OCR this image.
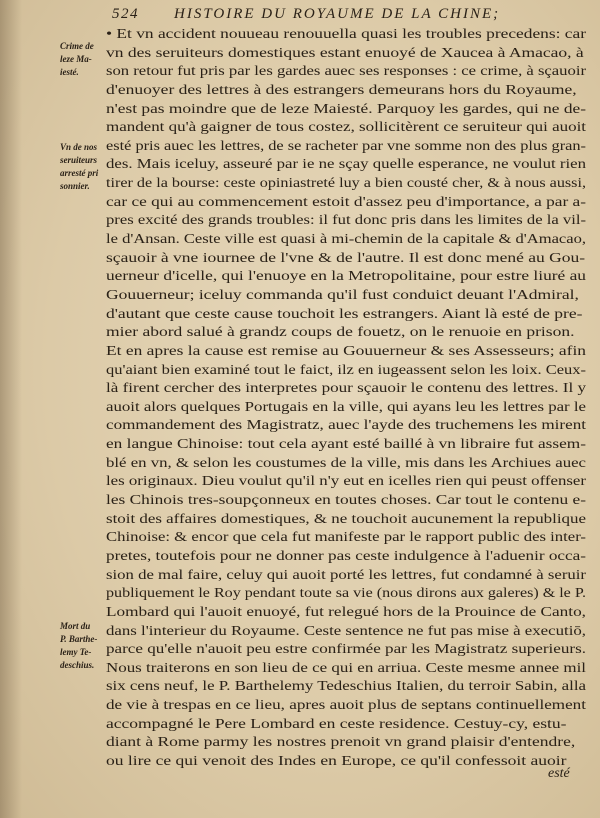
524 HISTOIRE DU ROYAUME DE LA CHINE;
Crime de
leze Ma-
iesté.
Vn de nos
seruiteurs
arresté pri
sonnier.
Mort du
P. Barthe-
lemy Te-
deschius.
• Et vn accident nouueau renouuella quasi les troubles precedens: car
vn des seruiteurs domestiques estant enuoyé de Xaucea à Amacao, à
son retour fut pris par les gardes auec ses responses : ce crime, à sçauoir
d'enuoyer des lettres à des estrangers demeurans hors du Royaume,
n'est pas moindre que de leze Maiesté. Parquoy les gardes, qui ne de-
mandent qu'à gaigner de tous costez, sollicitèrent ce seruiteur qui auoit
esté pris auec les lettres, de se racheter par vne somme non des plus gran-
des. Mais iceluy, asseuré par ie ne sçay quelle esperance, ne voulut rien
tirer de la bourse: ceste opiniastreté luy a bien cousté cher, & à nous aussi,
car ce qui au commencement estoit d'assez peu d'importance, a par a-
pres excité des grands troubles: il fut donc pris dans les limites de la vil-
le d'Ansan. Ceste ville est quasi à mi-chemin de la capitale & d'Amacao,
sçauoir à vne iournee de l'vne & de l'autre. Il est donc mené au Gou-
uerneur d'icelle, qui l'enuoye en la Metropolitaine, pour estre liuré au
Gouuerneur; iceluy commanda qu'il fust conduict deuant l'Admiral,
d'autant que ceste cause touchoit les estrangers. Aiant là esté de pre-
mier abord salué à grandz coups de fouetz, on le renuoie en prison.
Et en apres la cause est remise au Gouuerneur & ses Assesseurs; afin
qu'aiant bien examiné tout le faict, ilz en iugeassent selon les loix. Ceux-
là firent cercher des interpretes pour sçauoir le contenu des lettres. Il y
auoit alors quelques Portugais en la ville, qui ayans leu les lettres par le
commandement des Magistratz, auec l'ayde des truchemens les mirent
en langue Chinoise: tout cela ayant esté baillé à vn libraire fut assem-
blé en vn, & selon les coustumes de la ville, mis dans les Archiues auec
les originaux. Dieu voulut qu'il n'y eut en icelles rien qui peust offenser
les Chinois tres-soupçonneux en toutes choses. Car tout le contenu e-
stoit des affaires domestiques, & ne touchoit aucunement la republique
Chinoise: & encor que cela fut manifeste par le rapport public des inter-
pretes, toutefois pour ne donner pas ceste indulgence à l'aduenir occa-
sion de mal faire, celuy qui auoit porté les lettres, fut condamné à seruir
publiquement le Roy pendant toute sa vie (nous dirons aux galeres) & le P.
Lombard qui l'auoit enuoyé, fut relegué hors de la Prouince de Canto,
dans l'interieur du Royaume. Ceste sentence ne fut pas mise à executiō,
parce qu'elle n'auoit peu estre confirmée par les Magistratz superieurs.
Nous traiterons en son lieu de ce qui en arriua. Ceste mesme annee mil
six cens neuf, le P. Barthelemy Tedeschius Italien, du terroir Sabin, alla
de vie à trespas en ce lieu, apres auoit plus de septans continuellement
accompagné le Pere Lombard en ceste residence. Cestuy-cy, estu-
diant à Rome parmy les nostres prenoit vn grand plaisir d'entendre,
ou lire ce qui venoit des Indes en Europe, ce qu'il confessoit auoir
esté
